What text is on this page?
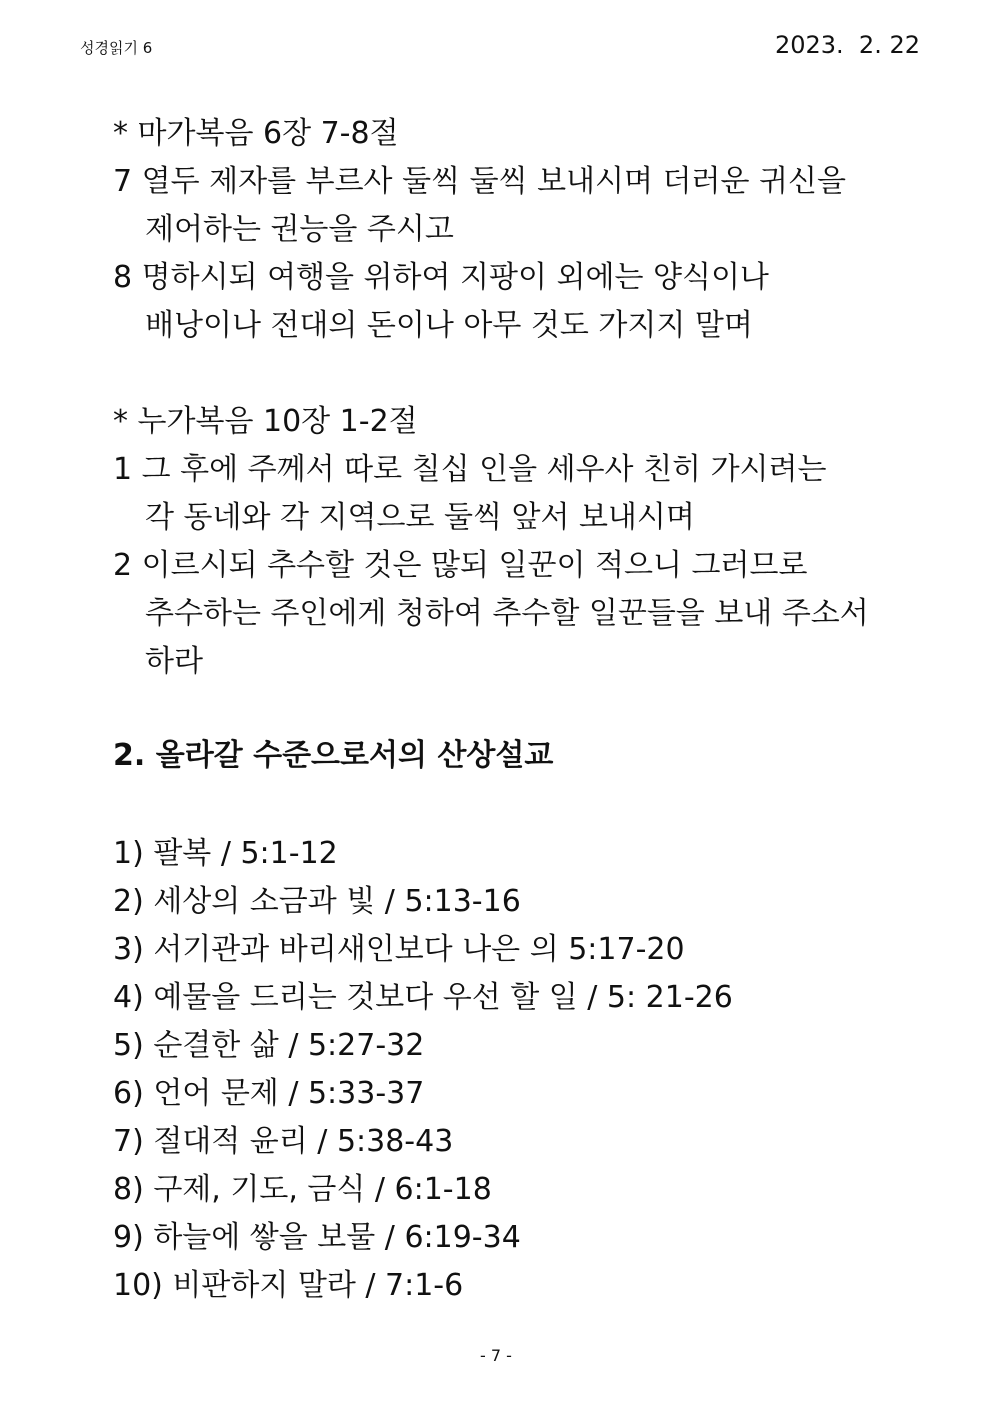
성경읽기 6	2023.  2. 22
* 마가복음 6장 7-8절
7 열두 제자를 부르사 둘씩 둘씩 보내시며 더러운 귀신을
제어하는 권능을 주시고
8 명하시되 여행을 위하여 지팡이 외에는 양식이나
배낭이나 전대의 돈이나 아무 것도 가지지 말며
* 누가복음 10장 1-2절
1 그 후에 주께서 따로 칠십 인을 세우사 친히 가시려는
각 동네와 각 지역으로 둘씩 앞서 보내시며
2 이르시되 추수할 것은 많되 일꾼이 적으니 그러므로
추수하는 주인에게 청하여 추수할 일꾼들을 보내 주소서
하라
2. 올라갈 수준으로서의 산상설교
1) 팔복 / 5:1-12
2) 세상의 소금과 빛 / 5:13-16
3) 서기관과 바리새인보다 나은 의 5:17-20
4) 예물을 드리는 것보다 우선 할 일 / 5: 21-26
5) 순결한 삶 / 5:27-32
6) 언어 문제 / 5:33-37
7) 절대적 윤리 / 5:38-43
8) 구제, 기도, 금식 / 6:1-18
9) 하늘에 쌓을 보물 / 6:19-34
10) 비판하지 말라 / 7:1-6
- 7 -
